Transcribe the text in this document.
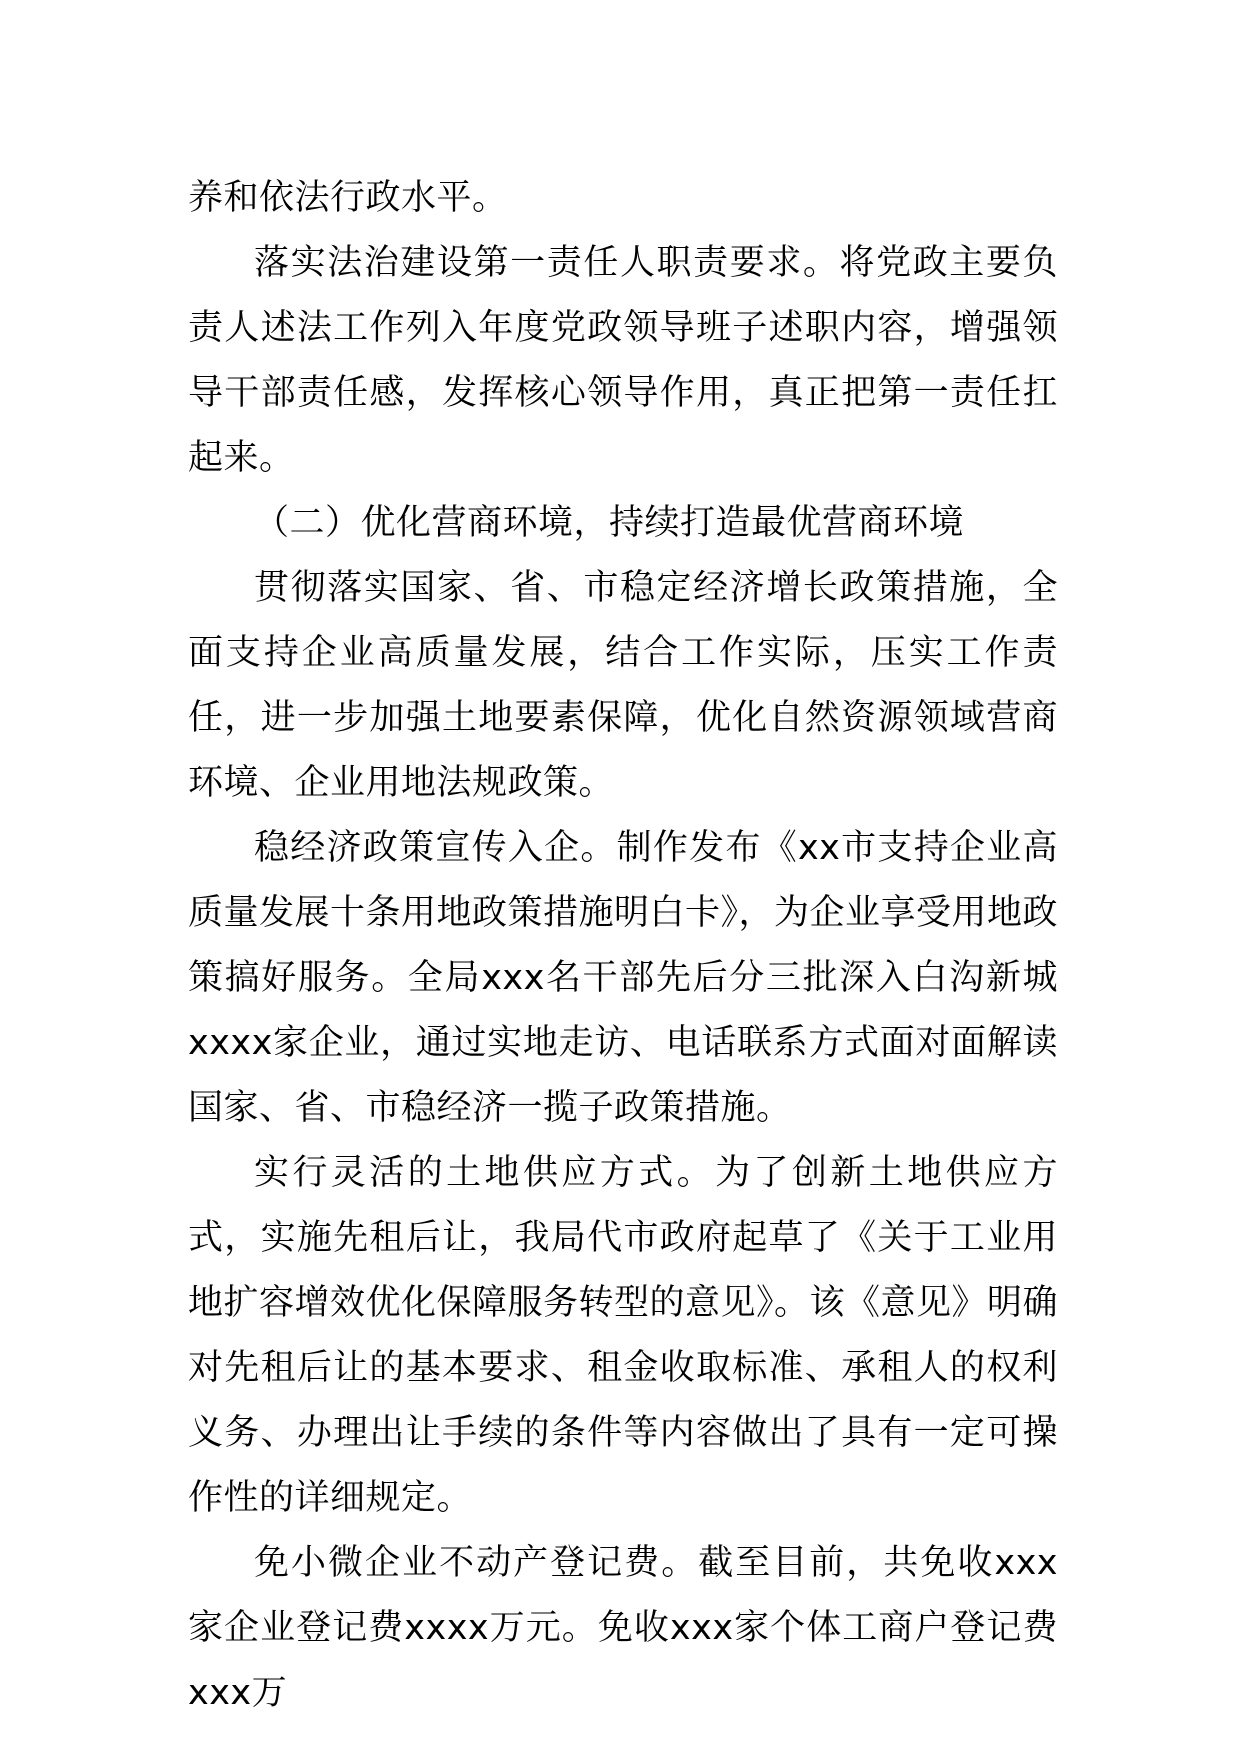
养和依法行政水平。

落实法治建设第一责任人职责要求。将党政主要负责人述法工作列入年度党政领导班子述职内容，增强领导干部责任感，发挥核心领导作用，真正把第一责任扛起来。

（二）优化营商环境，持续打造最优营商环境

贯彻落实国家、省、市稳定经济增长政策措施，全面支持企业高质量发展，结合工作实际，压实工作责任，进一步加强土地要素保障，优化自然资源领域营商环境、企业用地法规政策。

稳经济政策宣传入企。制作发布《xx市支持企业高质量发展十条用地政策措施明白卡》，为企业享受用地政策搞好服务。全局xxx名干部先后分三批深入白沟新城xxxx家企业，通过实地走访、电话联系方式面对面解读国家、省、市稳经济一揽子政策措施。

实行灵活的土地供应方式。为了创新土地供应方式，实施先租后让，我局代市政府起草了《关于工业用地扩容增效优化保障服务转型的意见》。该《意见》明确对先租后让的基本要求、租金收取标准、承租人的权利义务、办理出让手续的条件等内容做出了具有一定可操作性的详细规定。

免小微企业不动产登记费。截至目前，共免收xxx家企业登记费xxxx万元。免收xxx家个体工商户登记费xxx万
